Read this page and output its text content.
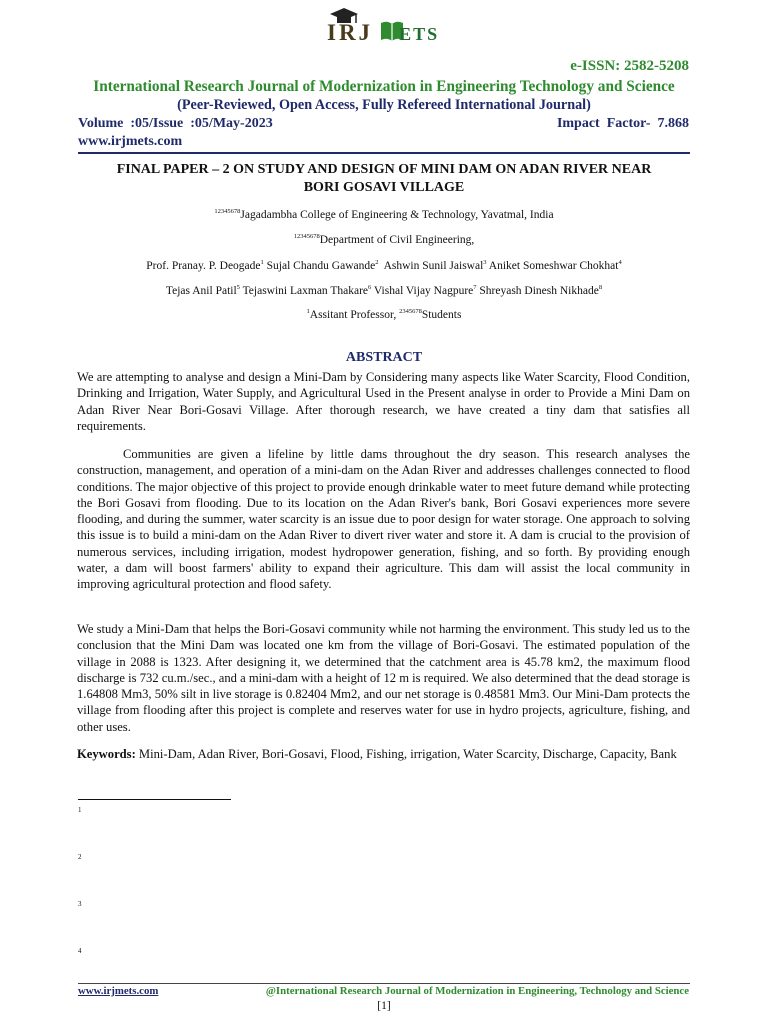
IRJ ETS
e-ISSN: 2582-5208
International Research Journal of Modernization in Engineering Technology and Science
(Peer-Reviewed, Open Access, Fully Refereed International Journal)
Volume  :05/Issue  :05/May-2023	Impact  Factor-  7.868
www.irjmets.com
FINAL PAPER – 2 ON STUDY AND DESIGN OF MINI DAM ON ADAN RIVER NEAR
BORI GOSAVI VILLAGE
$^{12345678}$Jagadambha College of Engineering & Technology, Yavatmal, India
$^{12345678}$Department of Civil Engineering,
Prof. Pranay. P. Deogade$^1$ Sujal Chandu Gawande$^2$  Ashwin Sunil Jaiswal$^3$ Aniket Someshwar Chokhat$^4$
Tejas Anil Patil$^5$ Tejaswini Laxman Thakare$^6$ Vishal Vijay Nagpure$^7$ Shreyash Dinesh Nikhade$^8$
$^1$Assitant Professor, $^{2345678}$Students
ABSTRACT
We are attempting to analyse and design a Mini-Dam by Considering many aspects like Water Scarcity, Flood Condition, Drinking and Irrigation, Water Supply, and Agricultural Used in the Present analyse in order to Provide a Mini Dam on Adan River Near Bori-Gosavi Village. After thorough research, we have created a tiny dam that satisfies all requirements.
Communities are given a lifeline by little dams throughout the dry season. This research analyses the construction, management, and operation of a mini-dam on the Adan River and addresses challenges connected to flood conditions. The major objective of this project to provide enough drinkable water to meet future demand while protecting the Bori Gosavi from flooding. Due to its location on the Adan River's bank, Bori Gosavi experiences more severe flooding, and during the summer, water scarcity is an issue due to poor design for water storage. One approach to solving this issue is to build a mini-dam on the Adan River to divert river water and store it. A dam is crucial to the provision of numerous services, including irrigation, modest hydropower generation, fishing, and so forth. By providing enough water, a dam will boost farmers' ability to expand their agriculture. This dam will assist the local community in improving agricultural protection and flood safety.
We study a Mini-Dam that helps the Bori-Gosavi community while not harming the environment. This study led us to the conclusion that the Mini Dam was located one km from the village of Bori-Gosavi. The estimated population of the village in 2088 is 1323. After designing it, we determined that the catchment area is 45.78 km2, the maximum flood discharge is 732 cu.m./sec., and a mini-dam with a height of 12 m is required. We also determined that the dead storage is 1.64808 Mm3, 50% silt in live storage is 0.82404 Mm2, and our net storage is 0.48581 Mm3. Our Mini-Dam protects the village from flooding after this project is complete and reserves water for use in hydro projects, agriculture, fishing, and other uses.
Keywords: Mini-Dam, Adan River, Bori-Gosavi, Flood, Fishing, irrigation, Water Scarcity, Discharge, Capacity, Bank
1
2
3
4
www.irjmets.com	@International Research Journal of Modernization in Engineering, Technology and Science
[1]
